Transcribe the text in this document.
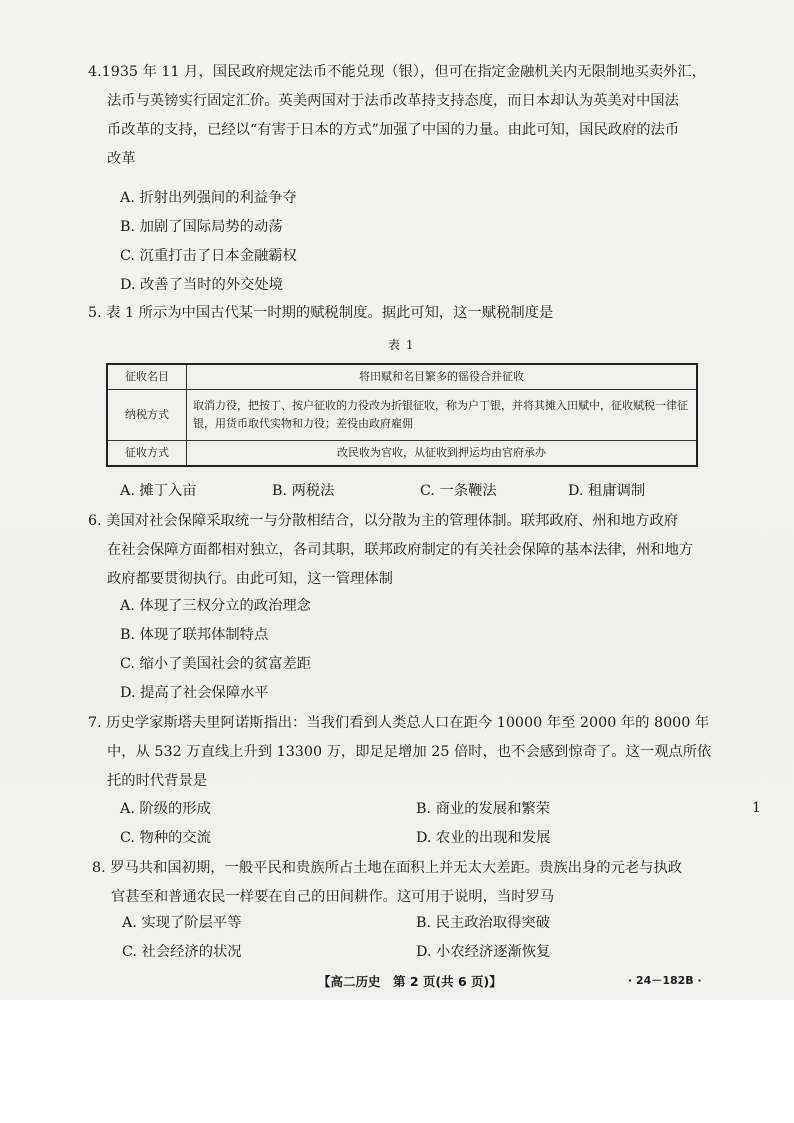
4.1935 年 11 月，国民政府规定法币不能兑现（银），但可在指定金融机关内无限制地买卖外汇，
法币与英镑实行固定汇价。英美两国对于法币改革持支持态度，而日本却认为英美对中国法
币改革的支持，已经以“有害于日本的方式”加强了中国的力量。由此可知，国民政府的法币
改革
A. 折射出列强间的利益争夺
B. 加剧了国际局势的动荡
C. 沉重打击了日本金融霸权
D. 改善了当时的外交处境
5. 表 1 所示为中国古代某一时期的赋税制度。据此可知，这一赋税制度是
表 1
征收名目	将田赋和名目繁多的徭役合并征收
纳税方式	取消力役，把按丁、按户征收的力役改为折银征收，称为户丁银，并将其摊入田赋中，征收赋税一律征银，用货币取代实物和力役；差役由政府雇佣
征收方式	改民收为官收，从征收到押运均由官府承办
A. 摊丁入亩	B. 两税法	C. 一条鞭法	D. 租庸调制
6. 美国对社会保障采取统一与分散相结合，以分散为主的管理体制。联邦政府、州和地方政府
在社会保障方面都相对独立，各司其职，联邦政府制定的有关社会保障的基本法律，州和地方
政府都要贯彻执行。由此可知，这一管理体制
A. 体现了三权分立的政治理念
B. 体现了联邦体制特点
C. 缩小了美国社会的贫富差距
D. 提高了社会保障水平
7. 历史学家斯塔夫里阿诺斯指出：当我们看到人类总人口在距今 10000 年至 2000 年的 8000 年
中，从 532 万直线上升到 13300 万，即足足增加 25 倍时，也不会感到惊奇了。这一观点所依
托的时代背景是
A. 阶级的形成	B. 商业的发展和繁荣
C. 物种的交流	D. 农业的出现和发展
8. 罗马共和国初期，一般平民和贵族所占土地在面积上并无太大差距。贵族出身的元老与执政
官甚至和普通农民一样要在自己的田间耕作。这可用于说明，当时罗马
A. 实现了阶层平等	B. 民主政治取得突破
C. 社会经济的状况	D. 小农经济逐渐恢复
1
【高二历史　第 2 页(共 6 页)】	· 24－182B ·
